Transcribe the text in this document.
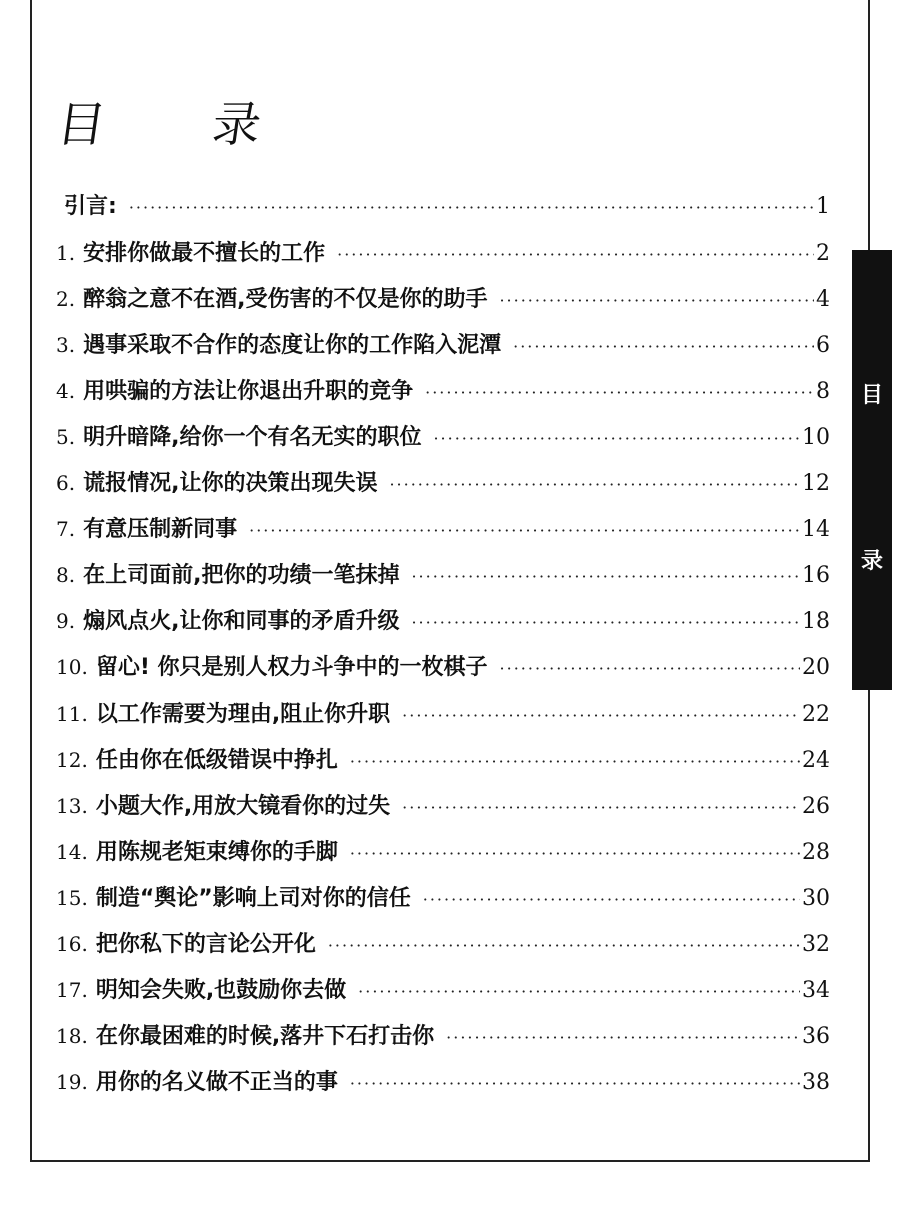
目 录
引言: ·····	1
1. 安排你做最不擅长的工作 ·····	2
2. 醉翁之意不在酒,受伤害的不仅是你的助手 ·····	4
3. 遇事采取不合作的态度让你的工作陷入泥潭 ·····	6
4. 用哄骗的方法让你退出升职的竞争 ·····	8
5. 明升暗降,给你一个有名无实的职位 ·····	10
6. 谎报情况,让你的决策出现失误 ·····	12
7. 有意压制新同事 ·····	14
8. 在上司面前,把你的功绩一笔抹掉 ·····	16
9. 煽风点火,让你和同事的矛盾升级 ·····	18
10. 留心! 你只是别人权力斗争中的一枚棋子 ·····	20
11. 以工作需要为理由,阻止你升职 ·····	22
12. 任由你在低级错误中挣扎 ·····	24
13. 小题大作,用放大镜看你的过失 ·····	26
14. 用陈规老矩束缚你的手脚 ·····	28
15. 制造“舆论”影响上司对你的信任 ·····	30
16. 把你私下的言论公开化 ·····	32
17. 明知会失败,也鼓励你去做 ·····	34
18. 在你最困难的时候,落井下石打击你 ·····	36
19. 用你的名义做不正当的事 ·····	38
目
录
